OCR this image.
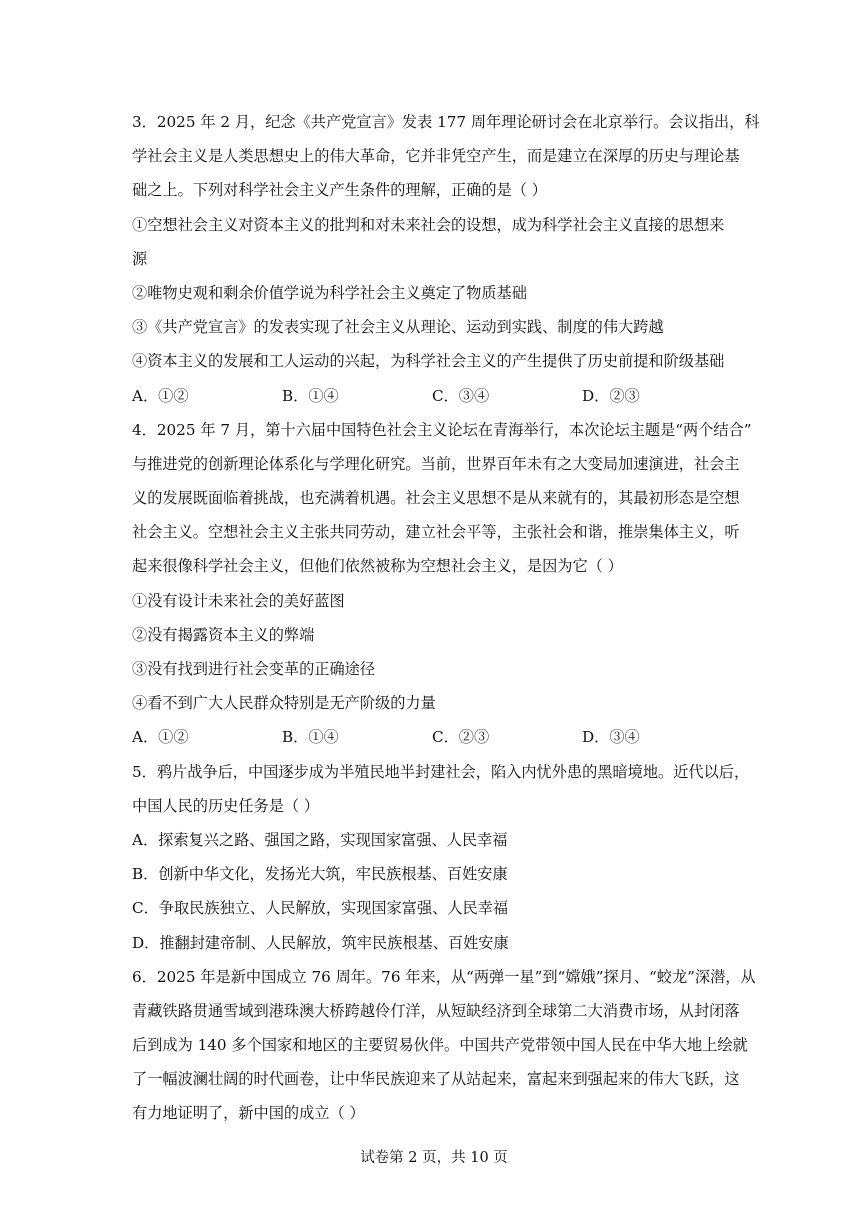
3．2025 年 2 月，纪念《共产党宣言》发表 177 周年理论研讨会在北京举行。会议指出，科
学社会主义是人类思想史上的伟大革命，它并非凭空产生，而是建立在深厚的历史与理论基
础之上。下列对科学社会主义产生条件的理解，正确的是（ ）
①空想社会主义对资本主义的批判和对未来社会的设想，成为科学社会主义直接的思想来
源
②唯物史观和剩余价值学说为科学社会主义奠定了物质基础
③《共产党宣言》的发表实现了社会主义从理论、运动到实践、制度的伟大跨越
④资本主义的发展和工人运动的兴起，为科学社会主义的产生提供了历史前提和阶级基础
A．①②	B．①④	C．③④	D．②③
4．2025 年 7 月，第十六届中国特色社会主义论坛在青海举行，本次论坛主题是“两个结合”
与推进党的创新理论体系化与学理化研究。当前，世界百年未有之大变局加速演进，社会主
义的发展既面临着挑战，也充满着机遇。社会主义思想不是从来就有的，其最初形态是空想
社会主义。空想社会主义主张共同劳动，建立社会平等，主张社会和谐，推崇集体主义，听
起来很像科学社会主义，但他们依然被称为空想社会主义，是因为它（ ）
①没有设计未来社会的美好蓝图
②没有揭露资本主义的弊端
③没有找到进行社会变革的正确途径
④看不到广大人民群众特别是无产阶级的力量
A．①②	B．①④	C．②③	D．③④
5．鸦片战争后，中国逐步成为半殖民地半封建社会，陷入内忧外患的黑暗境地。近代以后，
中国人民的历史任务是（ ）
A．探索复兴之路、强国之路，实现国家富强、人民幸福
B．创新中华文化，发扬光大筑，牢民族根基、百姓安康
C．争取民族独立、人民解放，实现国家富强、人民幸福
D．推翻封建帝制、人民解放，筑牢民族根基、百姓安康
6．2025 年是新中国成立 76 周年。76 年来，从“两弹一星”到“嫦娥”探月、“蛟龙”深潜，从
青藏铁路贯通雪域到港珠澳大桥跨越伶仃洋，从短缺经济到全球第二大消费市场，从封闭落
后到成为 140 多个国家和地区的主要贸易伙伴。中国共产党带领中国人民在中华大地上绘就
了一幅波澜壮阔的时代画卷，让中华民族迎来了从站起来，富起来到强起来的伟大飞跃，这
有力地证明了，新中国的成立（ ）
试卷第 2 页，共 10 页
